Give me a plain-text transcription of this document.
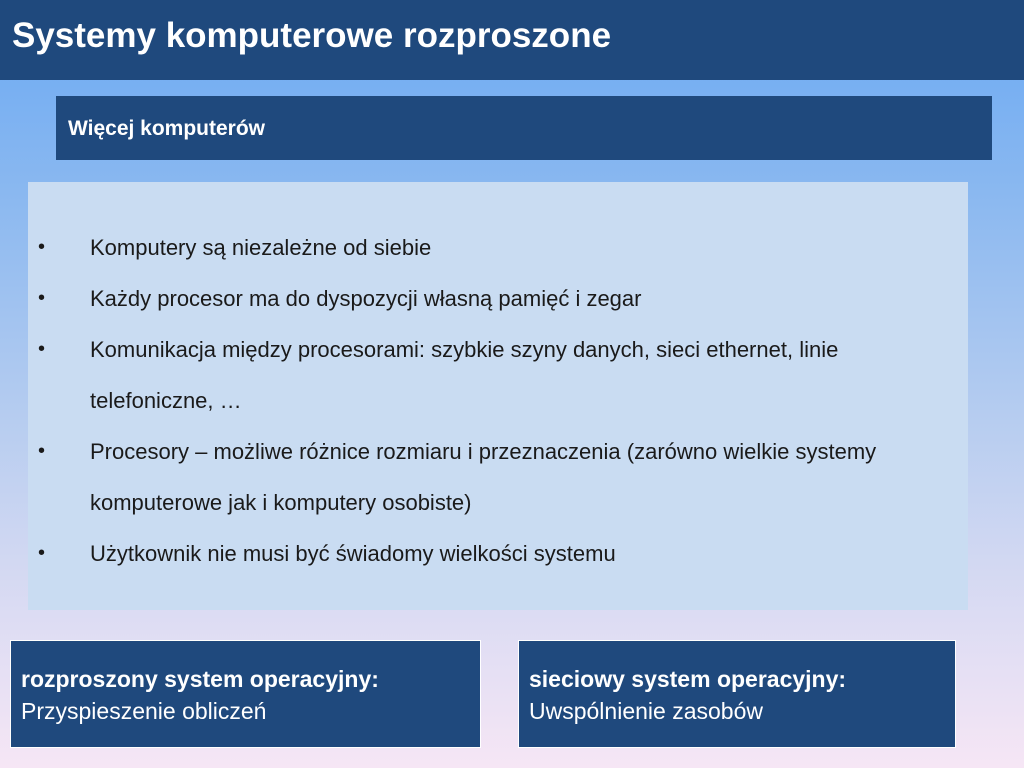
Systemy komputerowe rozproszone
Więcej komputerów
• Komputery są niezależne od siebie
• Każdy procesor ma do dyspozycji własną pamięć i zegar
• Komunikacja między procesorami: szybkie szyny danych, sieci ethernet, linie telefoniczne, …
• Procesory – możliwe różnice rozmiaru i przeznaczenia (zarówno wielkie systemy komputerowe jak i komputery osobiste)
• Użytkownik nie musi być świadomy wielkości systemu
rozproszony system operacyjny:
Przyspieszenie obliczeń
sieciowy system operacyjny:
Uwspólnienie zasobów
